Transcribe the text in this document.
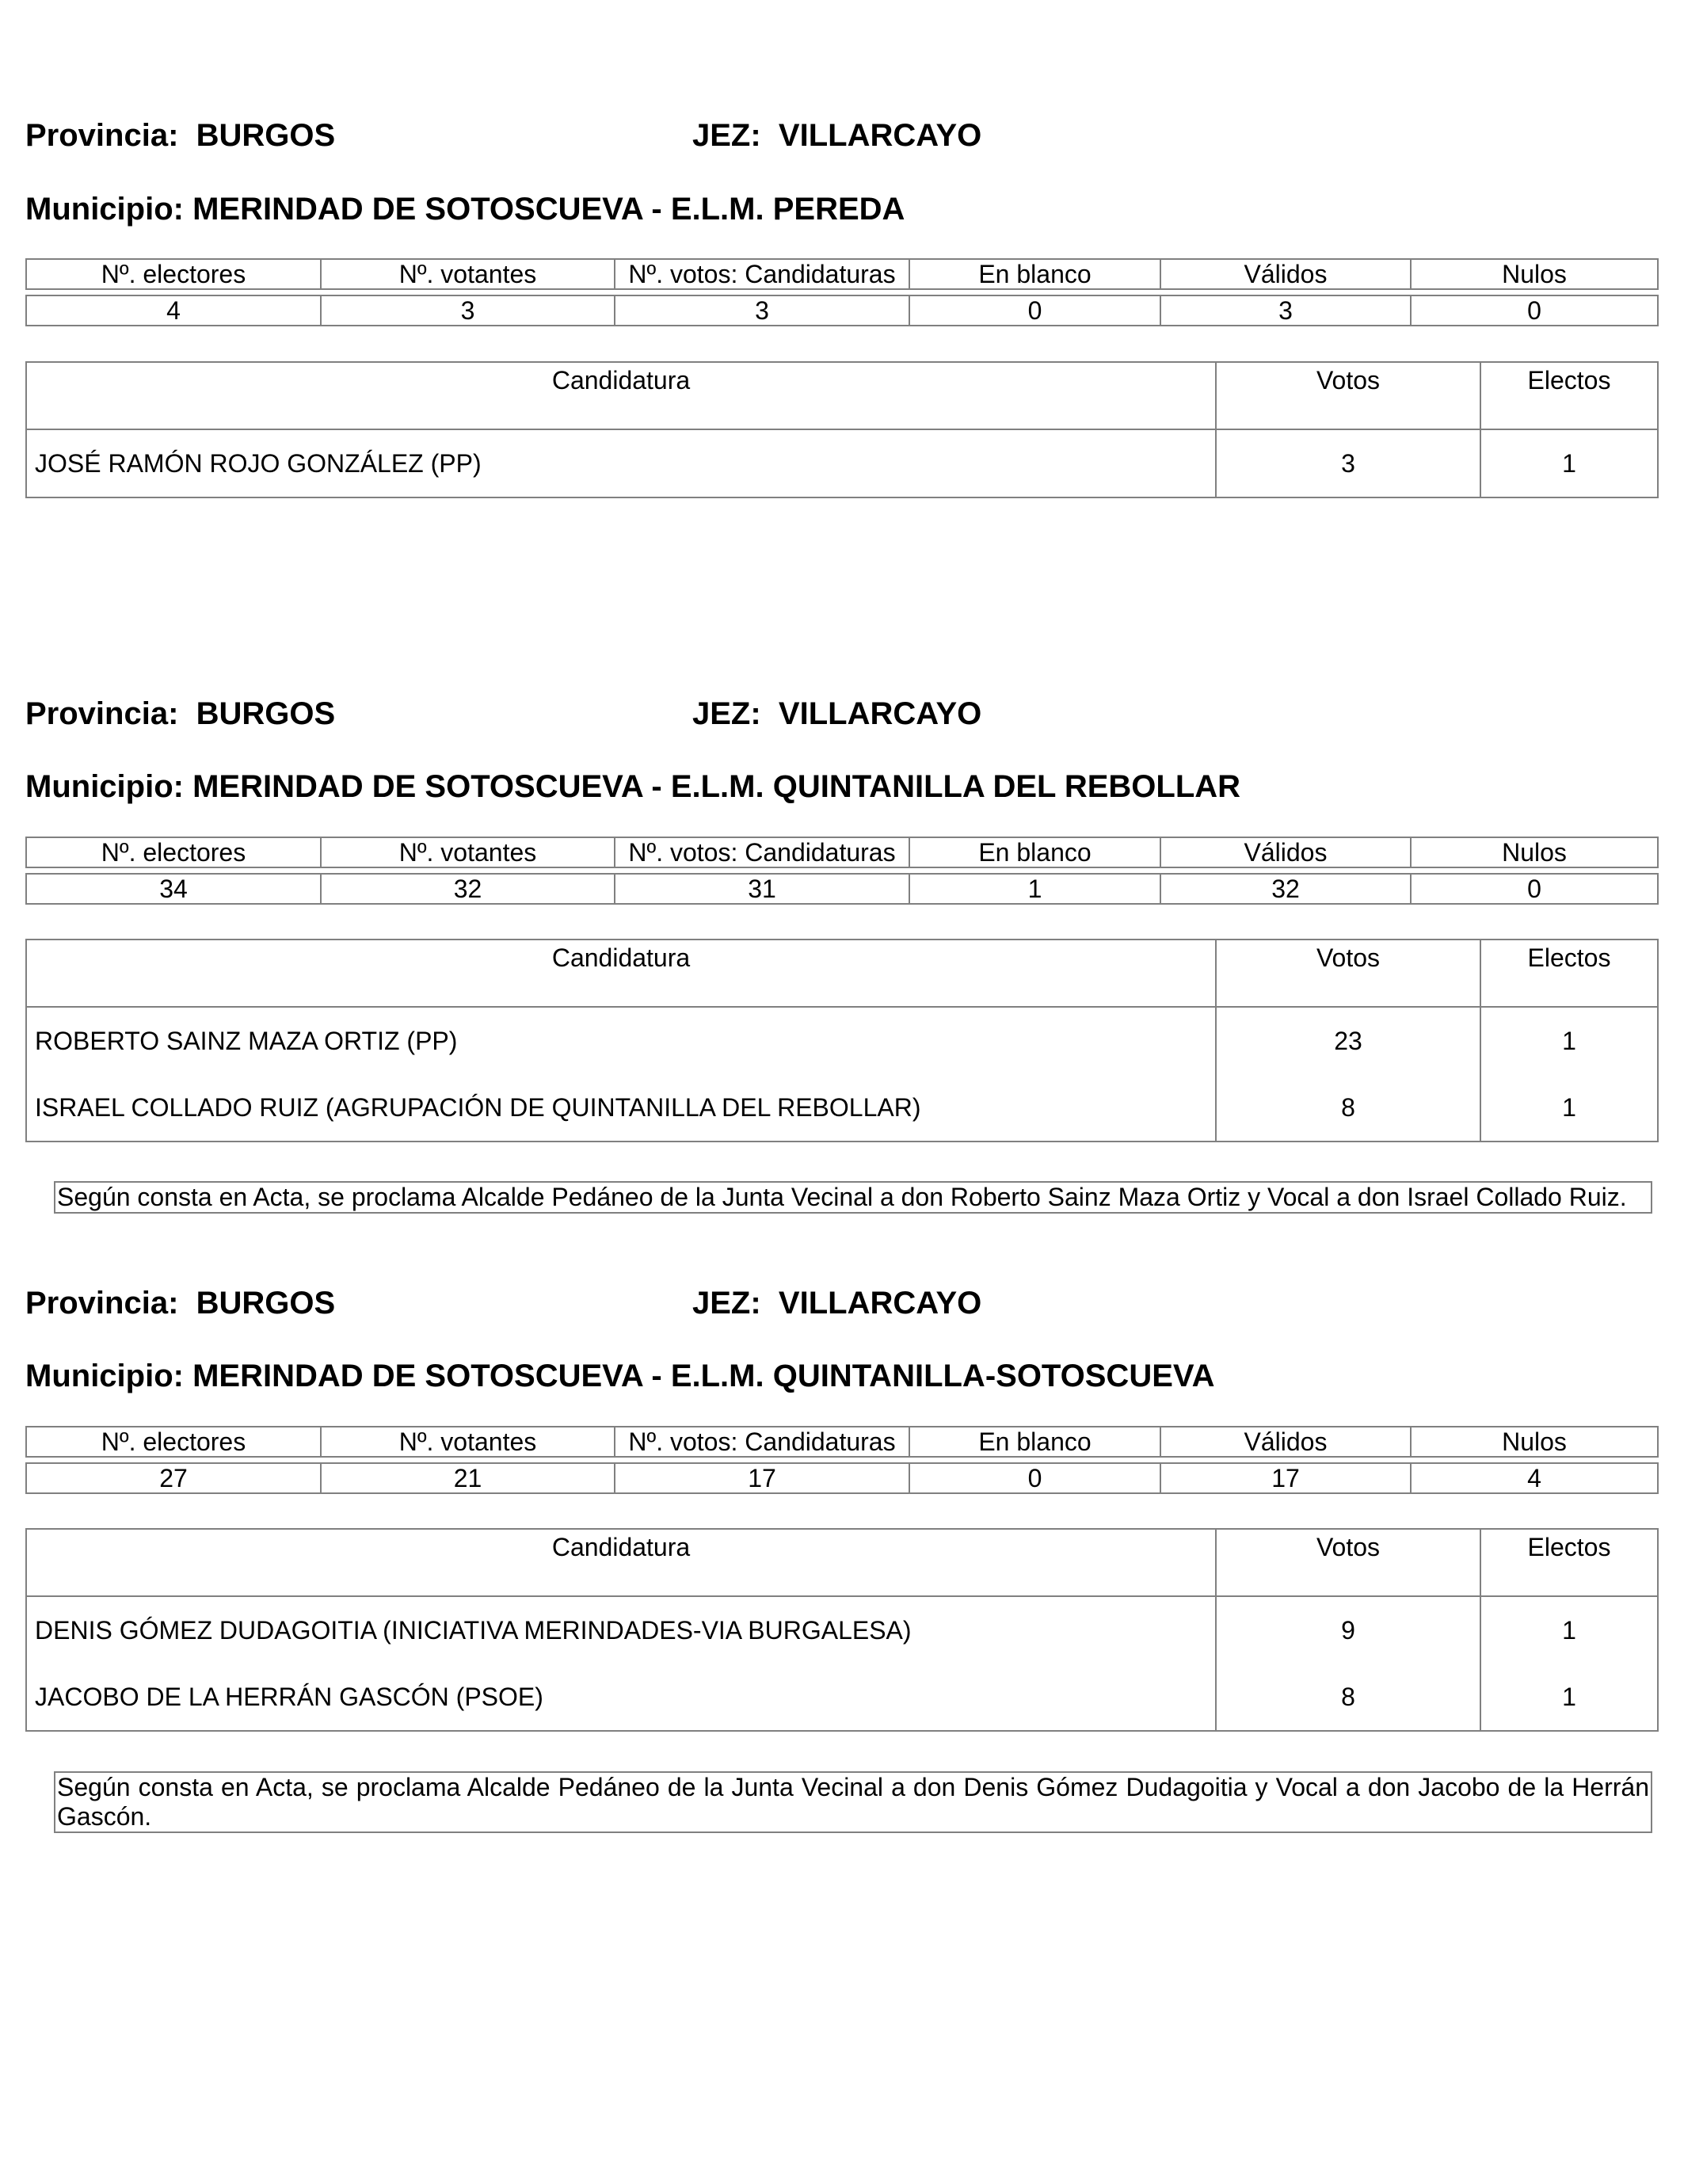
Provincia: BURGOS	JEZ: VILLARCAYO
Municipio: MERINDAD DE SOTOSCUEVA - E.L.M. PEREDA
Nº. electores	Nº. votantes	Nº. votos: Candidaturas	En blanco	Válidos	Nulos

4	3	3	0	3	0
Candidatura	Votos	Electos
JOSÉ RAMÓN ROJO GONZÁLEZ (PP)	3	1
Provincia: BURGOS	JEZ: VILLARCAYO
Municipio: MERINDAD DE SOTOSCUEVA - E.L.M. QUINTANILLA DEL REBOLLAR
Nº. electores	Nº. votantes	Nº. votos: Candidaturas	En blanco	Válidos	Nulos

34	32	31	1	32	0
Candidatura	Votos	Electos
ROBERTO SAINZ MAZA ORTIZ (PP)	23	1
ISRAEL COLLADO RUIZ (AGRUPACIÓN DE QUINTANILLA DEL REBOLLAR)	8	1
Según consta en Acta, se proclama Alcalde Pedáneo de la Junta Vecinal a don Roberto Sainz Maza Ortiz y Vocal a don Israel Collado Ruiz.
Provincia: BURGOS	JEZ: VILLARCAYO
Municipio: MERINDAD DE SOTOSCUEVA - E.L.M. QUINTANILLA-SOTOSCUEVA
Nº. electores	Nº. votantes	Nº. votos: Candidaturas	En blanco	Válidos	Nulos

27	21	17	0	17	4
Candidatura	Votos	Electos
DENIS GÓMEZ DUDAGOITIA (INICIATIVA MERINDADES-VIA BURGALESA)	9	1
JACOBO DE LA HERRÁN GASCÓN (PSOE)	8	1
Según consta en Acta, se proclama Alcalde Pedáneo de la Junta Vecinal a don Denis Gómez Dudagoitia y Vocal a don Jacobo de la Herrán Gascón.
